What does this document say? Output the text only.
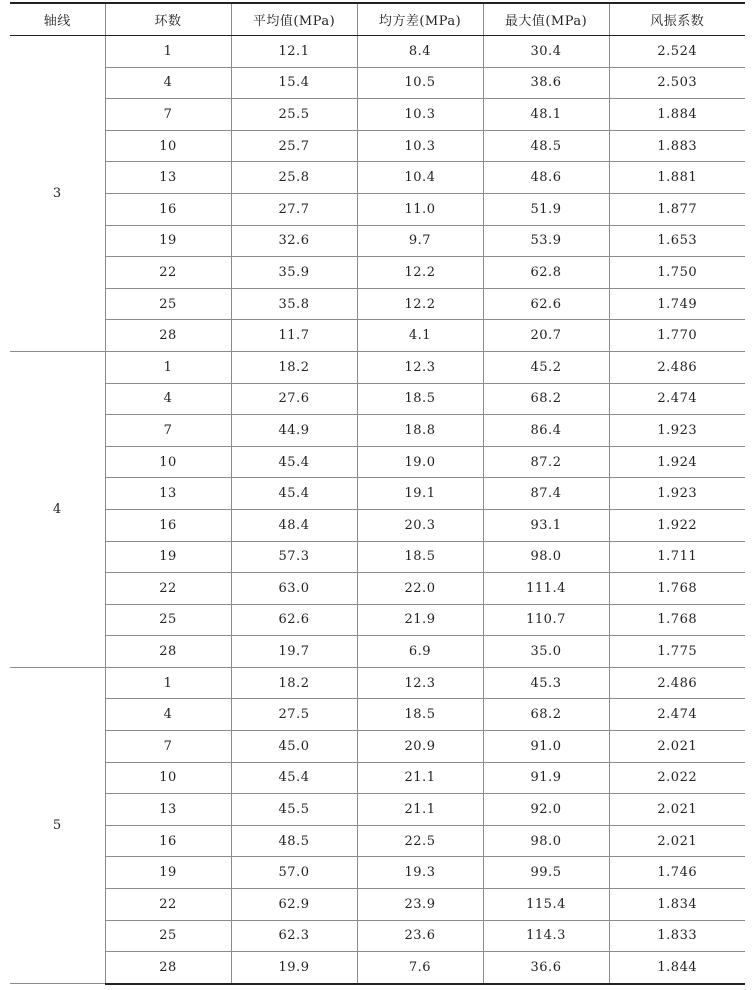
轴线	环数	平均值(MPa)	均方差(MPa)	最大值(MPa)	风振系数
3	1	12.1	8.4	30.4	2.524
	4	15.4	10.5	38.6	2.503
	7	25.5	10.3	48.1	1.884
	10	25.7	10.3	48.5	1.883
	13	25.8	10.4	48.6	1.881
	16	27.7	11.0	51.9	1.877
	19	32.6	9.7	53.9	1.653
	22	35.9	12.2	62.8	1.750
	25	35.8	12.2	62.6	1.749
	28	11.7	4.1	20.7	1.770
4	1	18.2	12.3	45.2	2.486
	4	27.6	18.5	68.2	2.474
	7	44.9	18.8	86.4	1.923
	10	45.4	19.0	87.2	1.924
	13	45.4	19.1	87.4	1.923
	16	48.4	20.3	93.1	1.922
	19	57.3	18.5	98.0	1.711
	22	63.0	22.0	111.4	1.768
	25	62.6	21.9	110.7	1.768
	28	19.7	6.9	35.0	1.775
5	1	18.2	12.3	45.3	2.486
	4	27.5	18.5	68.2	2.474
	7	45.0	20.9	91.0	2.021
	10	45.4	21.1	91.9	2.022
	13	45.5	21.1	92.0	2.021
	16	48.5	22.5	98.0	2.021
	19	57.0	19.3	99.5	1.746
	22	62.9	23.9	115.4	1.834
	25	62.3	23.6	114.3	1.833
	28	19.9	7.6	36.6	1.844
